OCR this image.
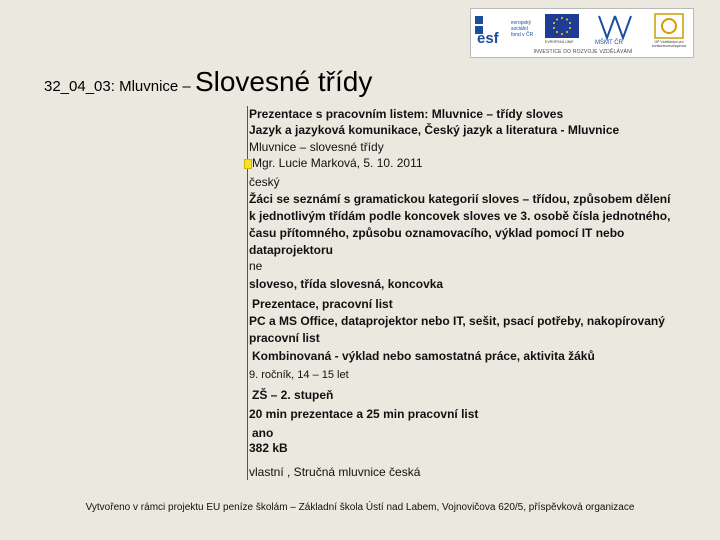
esf
evropský
sociální
fond v ČR
EVROPSKÁ UNIE	MŠMT ČR	OP Vzdělávání pro konkurenceschopnost
INVESTICE DO ROZVOJE VZDĚLÁVÁNÍ
32_04_03: Mluvnice – Slovesné třídy
Prezentace s pracovním listem: Mluvnice – třídy sloves
Jazyk a jazyková komunikace, Český jazyk a literatura - Mluvnice
Mluvnice – slovesné třídy
Mgr. Lucie Marková, 5. 10. 2011
český
Žáci se seznámí s gramatickou kategorií sloves – třídou, způsobem dělení k jednotlivým třídám podle koncovek sloves ve 3. osobě čísla jednotného, času přítomného, způsobu oznamovacího, výklad pomocí IT nebo dataprojektoru
ne
sloveso, třída slovesná, koncovka
Prezentace, pracovní list
PC a MS Office, dataprojektor nebo IT, sešit, psací potřeby, nakopírovaný pracovní list
Kombinovaná - výklad nebo samostatná práce, aktivita žáků
9. ročník, 14 – 15 let
ZŠ – 2. stupeň
20 min prezentace a 25 min pracovní list
ano
382 kB
vlastní , Stručná mluvnice česká
Vytvořeno v rámci projektu EU peníze školám – Základní škola Ústí nad Labem, Vojnovičova 620/5, příspěvková organizace
